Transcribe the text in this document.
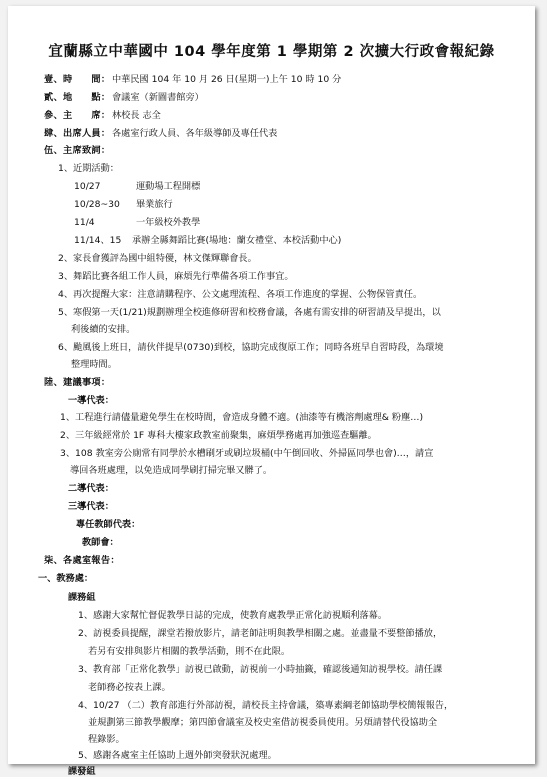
宜蘭縣立中華國中 104 學年度第 1 學期第 2 次擴大行政會報紀錄
壹、時　　間： 中華民國 104 年 10 月 26 日(星期一)上午 10 時 10 分
貳、地　　點： 會議室（新圖書館旁）
參、主　　席： 林校長 志全
肆、出席人員： 各處室行政人員、各年級導師及專任代表
伍、主席致詞：
1、近期活動：
10/27	運動場工程開標
10/28~30 畢業旅行
11/4	一年級校外教學
11/14、15 承辦全縣舞蹈比賽(場地：蘭女禮堂、本校活動中心)
2、家長會獲評為國中組特優，林文傑輝聯會長。
3、舞蹈比賽各組工作人員，麻煩先行準備各項工作事宜。
4、再次提醒大家：注意請購程序、公文處理流程、各項工作進度的掌握、公物保管責任。
5、寒假第一天(1/21)規劃辦理全校進修研習和校務會議，各處有需安排的研習請及早提出，以
利後續的安排。
6、颱風後上班日，請伙伴提早(0730)到校，協助完成復原工作；同時各班早自習時段，為環境
整理時間。
陸、建議事項：
一導代表：
1、工程進行請儘量避免學生在校時間，會造成身體不適。(油漆等有機溶劑處理& 粉塵…)
2、三年級經常於 1F 專科大樓家政教室前聚集，麻煩學務處再加強巡查驅離。
3、108 教室旁公廁常有同學於水槽刷牙或刷垃圾桶(中午倒回收、外掃區同學也會)…，請宣
導回各班處理，以免造成同學刷打掃完畢又髒了。
二導代表：
三導代表：
專任教師代表：
教師會：
柒、各處室報告：
一、教務處：
課務組
1、感謝大家幫忙督促教學日誌的完成，使教育處教學正常化訪視順利落幕。
2、訪視委員提醒，課堂若撥放影片，請老師註明與教學相關之處。並盡量不要整節播放，
若另有安排與影片相關的教學活動，則不在此限。
3、教育部「正常化教學」訪視已啟動，訪視前一小時抽籤，確認後通知訪視學校。請任課
老師務必按表上課。
4、10/27 （二）教育部進行外部訪視，請校長主持會議，築專素綱老師協助學校簡報報告，
並規劃第三節教學觀摩；第四節會議室及校史室借訪視委員使用。另煩請替代役協助全
程錄影。
5、感謝各處室主任協助上週外師突發狀況處理。
課發組
